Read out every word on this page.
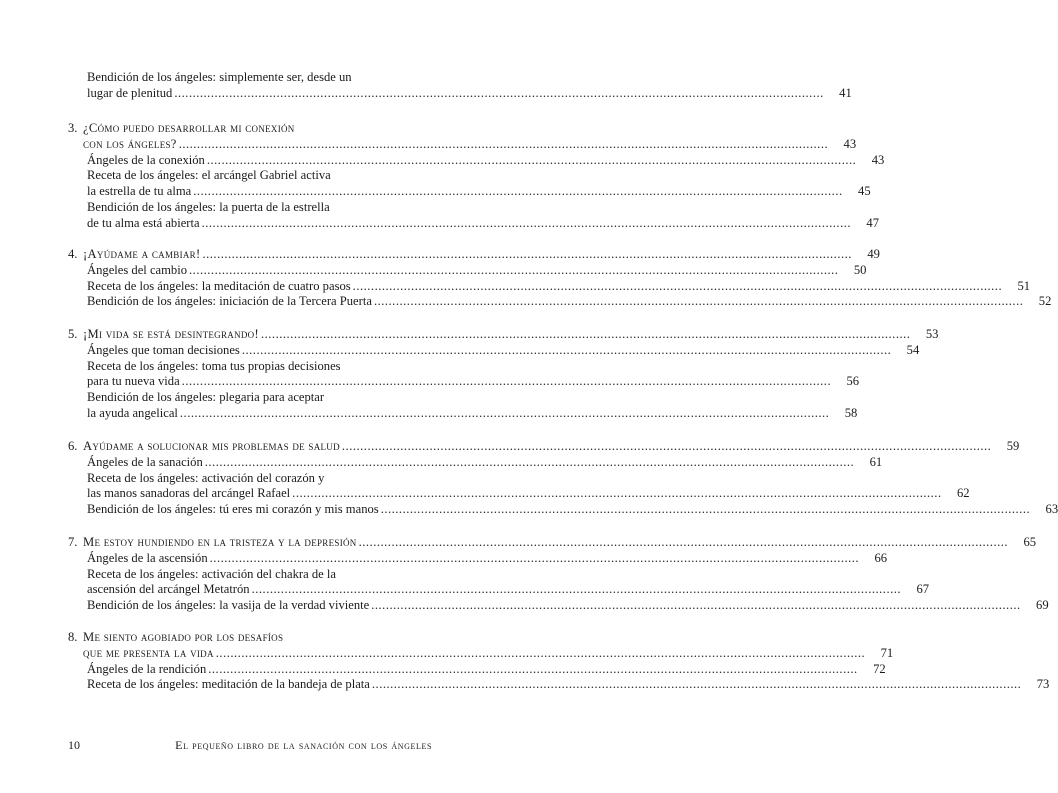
Bendición de los ángeles: simplemente ser, desde un
lugar de plenitud .....	41
3. ¿Cómo puedo desarrollar mi conexión
con los ángeles? .....	43
Ángeles de la conexión .....	43
Receta de los ángeles: el arcángel Gabriel activa
la estrella de tu alma .....	45
Bendición de los ángeles: la puerta de la estrella
de tu alma está abierta .....	47
4. ¡Ayúdame a cambiar! .....	49
Ángeles del cambio .....	50
Receta de los ángeles: la meditación de cuatro pasos .....	51
Bendición de los ángeles: iniciación de la Tercera Puerta .....	52
5. ¡Mi vida se está desintegrando! .....	53
Ángeles que toman decisiones .....	54
Receta de los ángeles: toma tus propias decisiones
para tu nueva vida .....	56
Bendición de los ángeles: plegaria para aceptar
la ayuda angelical .....	58
6. Ayúdame a solucionar mis problemas de salud .....	59
Ángeles de la sanación .....	61
Receta de los ángeles: activación del corazón y
las manos sanadoras del arcángel Rafael .....	62
Bendición de los ángeles: tú eres mi corazón y mis manos .....	63
7. Me estoy hundiendo en la tristeza y la depresión .....	65
Ángeles de la ascensión .....	66
Receta de los ángeles: activación del chakra de la
ascensión del arcángel Metatrón .....	67
Bendición de los ángeles: la vasija de la verdad viviente .....	69
8. Me siento agobiado por los desafíos
que me presenta la vida .....	71
Ángeles de la rendición .....	72
Receta de los ángeles: meditación de la bandeja de plata .....	73
10	El pequeño libro de la sanación con los ángeles
